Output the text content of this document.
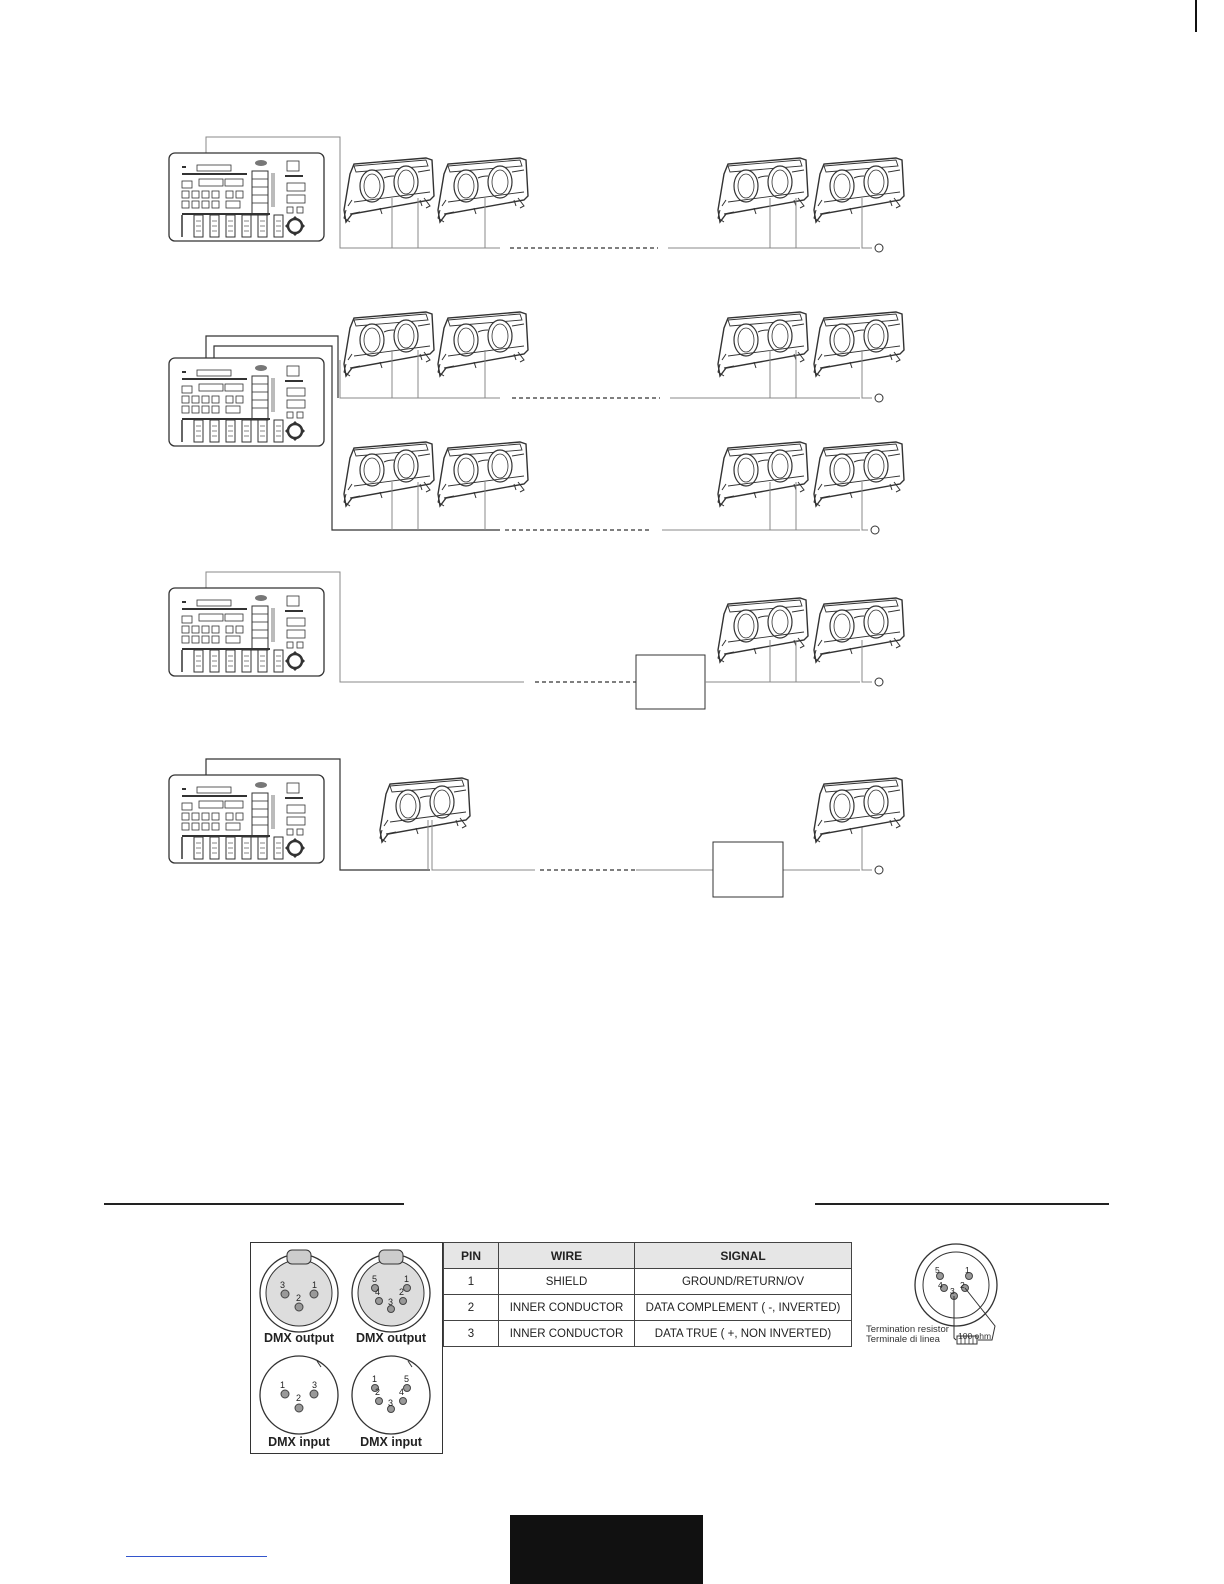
3	1
2
5	1
4 2
3
1	3
2
1	5
2 4
3
DMX output	DMX output
DMX input	DMX input
PIN	WIRE	SIGNAL
1	SHIELD	GROUND/RETURN/OV
2	INNER CONDUCTOR	DATA COMPLEMENT ( -, INVERTED)
3	INNER CONDUCTOR	DATA TRUE ( +, NON INVERTED)
5	1
4 2
3
Termination resistor
Terminale di linea 100 ohm
